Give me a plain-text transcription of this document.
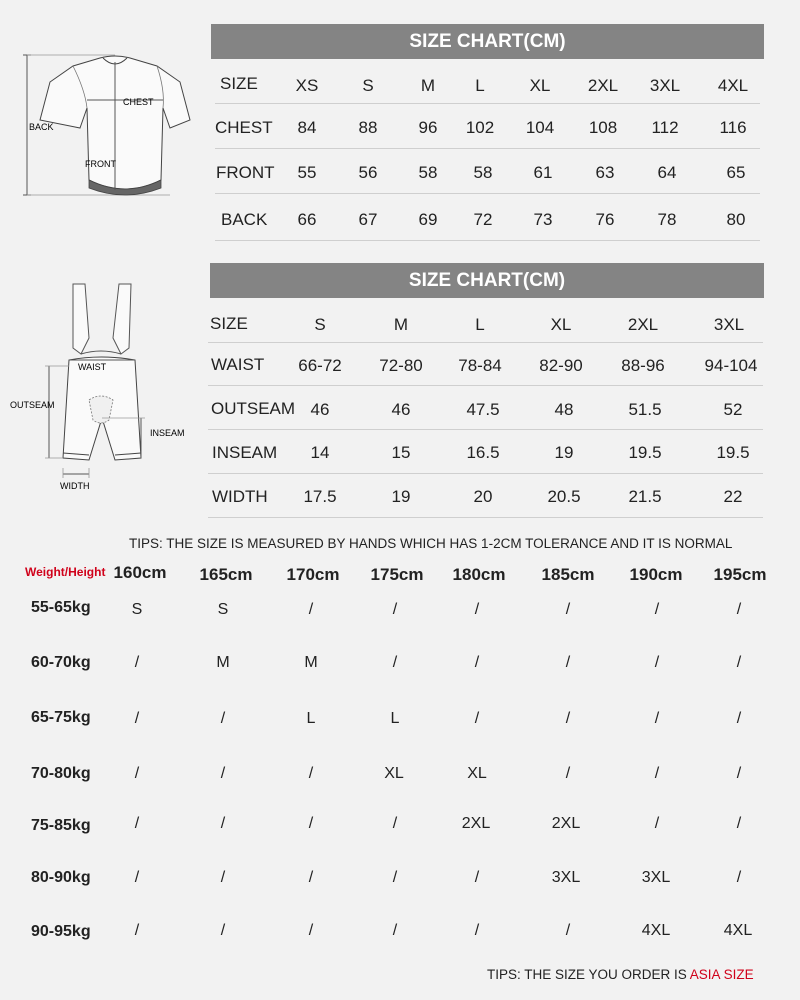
CHEST
BACK
FRONT
SIZE CHART(CM)
SIZE	XS	S	M	L	XL	2XL	3XL	4XL
CHEST	84	88	96	102	104	108	112	116
FRONT	55	56	58	58	61	63	64	65
BACK	66	67	69	72	73	76	78	80
WAIST
OUTSEAM
INSEAM
WIDTH
SIZE CHART(CM)
SIZE	S	M	L	XL	2XL	3XL
WAIST	66-72	72-80	78-84	82-90	88-96	94-104
OUTSEAM 46	46	47.5	48	51.5	52
INSEAM	14	15	16.5	19	19.5	19.5
WIDTH	17.5	19	20	20.5	21.5	22
TIPS: THE SIZE IS MEASURED BY HANDS WHICH HAS 1-2CM TOLERANCE AND IT IS NORMAL
Weight/Height 160cm	165cm	170cm	175cm	180cm	185cm	190cm	195cm
55-65kg	S	S	/	/	/	/	/	/
60-70kg	/	M	M	/	/	/	/	/
65-75kg	/	/	L	L	/	/	/	/
70-80kg	/	/	/	XL	XL	/	/	/
75-85kg	/	/	/	/	2XL	2XL	/	/
80-90kg	/	/	/	/	/	3XL	3XL	/
90-95kg	/	/	/	/	/	/	4XL	4XL
TIPS: THE SIZE YOU ORDER IS ASIA SIZE
